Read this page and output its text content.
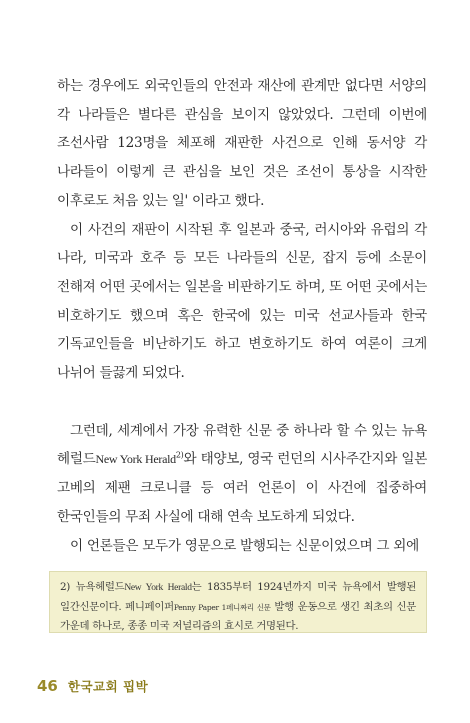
하는 경우에도 외국인들의 안전과 재산에 관계만 없다면 서양의 각 나라들은 별다른 관심을 보이지 않았었다. 그런데 이번에 조선사람 123명을 체포해 재판한 사건으로 인해 동서양 각 나라들이 이렇게 큰 관심을 보인 것은 조선이 통상을 시작한 이후로도 처음 있는 일' 이라고 했다.

이 사건의 재판이 시작된 후 일본과 중국, 러시아와 유럽의 각 나라, 미국과 호주 등 모든 나라들의 신문, 잡지 등에 소문이 전해져 어떤 곳에서는 일본을 비판하기도 하며, 또 어떤 곳에서는 비호하기도 했으며 혹은 한국에 있는 미국 선교사들과 한국 기독교인들을 비난하기도 하고 변호하기도 하여 여론이 크게 나뉘어 들끓게 되었다.

그런데, 세계에서 가장 유력한 신문 중 하나라 할 수 있는 뉴욕 헤럴드New York Herald$^{2)}$와 태양보, 영국 런던의 시사주간지와 일본 고베의 제팬 크로니클 등 여러 언론이 이 사건에 집중하여 한국인들의 무죄 사실에 대해 연속 보도하게 되었다.

이 언론들은 모두가 영문으로 발행되는 신문이었으며 그 외에

2) 뉴욕헤럴드New York Herald는 1835부터 1924년까지 미국 뉴욕에서 발행된 일간신문이다. 페니페이퍼Penny Paper 1페니짜리 신문 발행 운동으로 생긴 최초의 신문 가운데 하나로, 종종 미국 저널리즘의 효시로 거명된다.
46 한국교회 핍박
